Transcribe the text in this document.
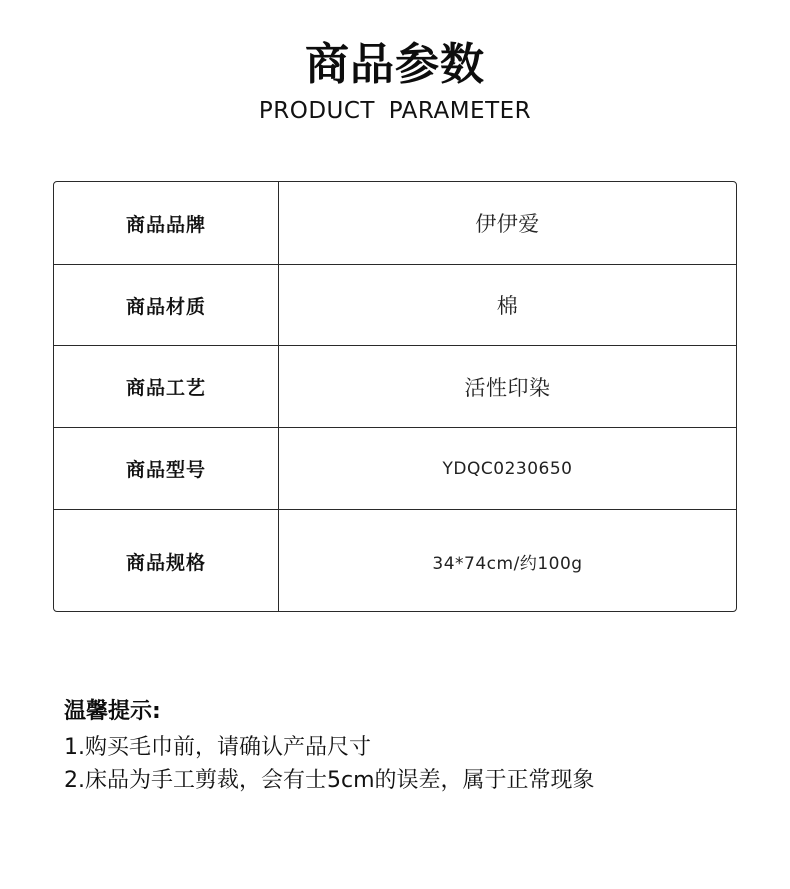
商品参数
PRODUCT PARAMETER
商品品牌	伊伊爱
商品材质	棉
商品工艺	活性印染
商品型号	YDQC0230650
商品规格	34*74cm/约100g
温馨提示:
1.购买毛巾前，请确认产品尺寸
2.床品为手工剪裁，会有士5cm的误差，属于正常现象
